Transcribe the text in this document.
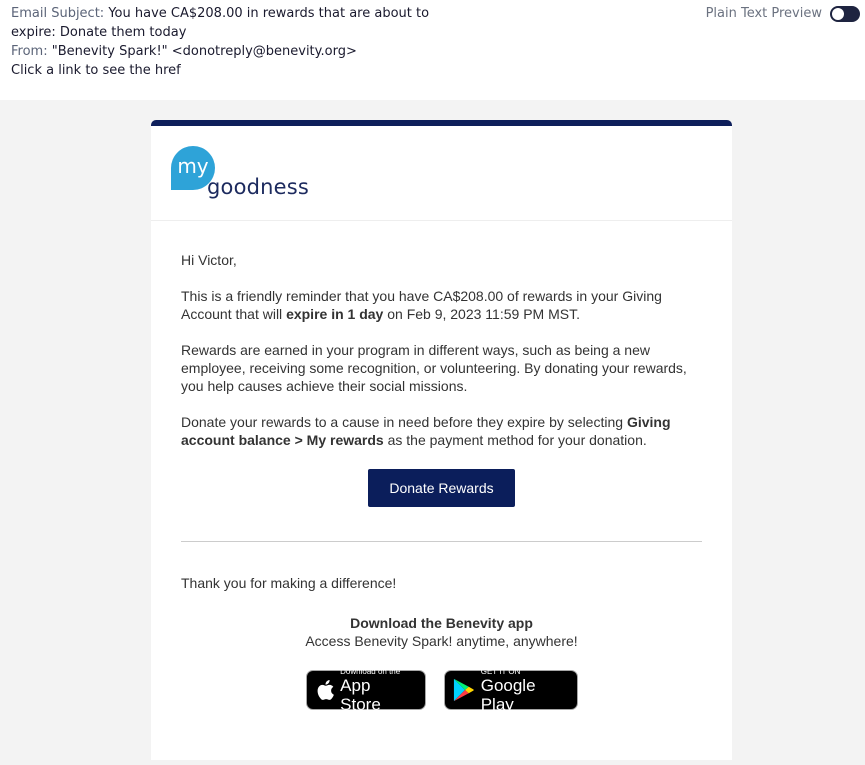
Email Subject: You have CA$208.00 in rewards that are about to expire: Donate them today
From: "Benevity Spark!" <donotreply@benevity.org>
Click a link to see the href
Plain Text Preview
my
goodness

Hi Victor,

This is a friendly reminder that you have CA$208.00 of rewards in your Giving Account that will expire in 1 day on Feb 9, 2023 11:59 PM MST.

Rewards are earned in your program in different ways, such as being a new employee, receiving some recognition, or volunteering. By donating your rewards, you help causes achieve their social missions.

Donate your rewards to a cause in need before they expire by selecting Giving account balance > My rewards as the payment method for your donation.

Donate Rewards

Thank you for making a difference!

Download the Benevity app
Access Benevity Spark! anytime, anywhere!
Download on the
App Store
GET IT ON
Google Play
